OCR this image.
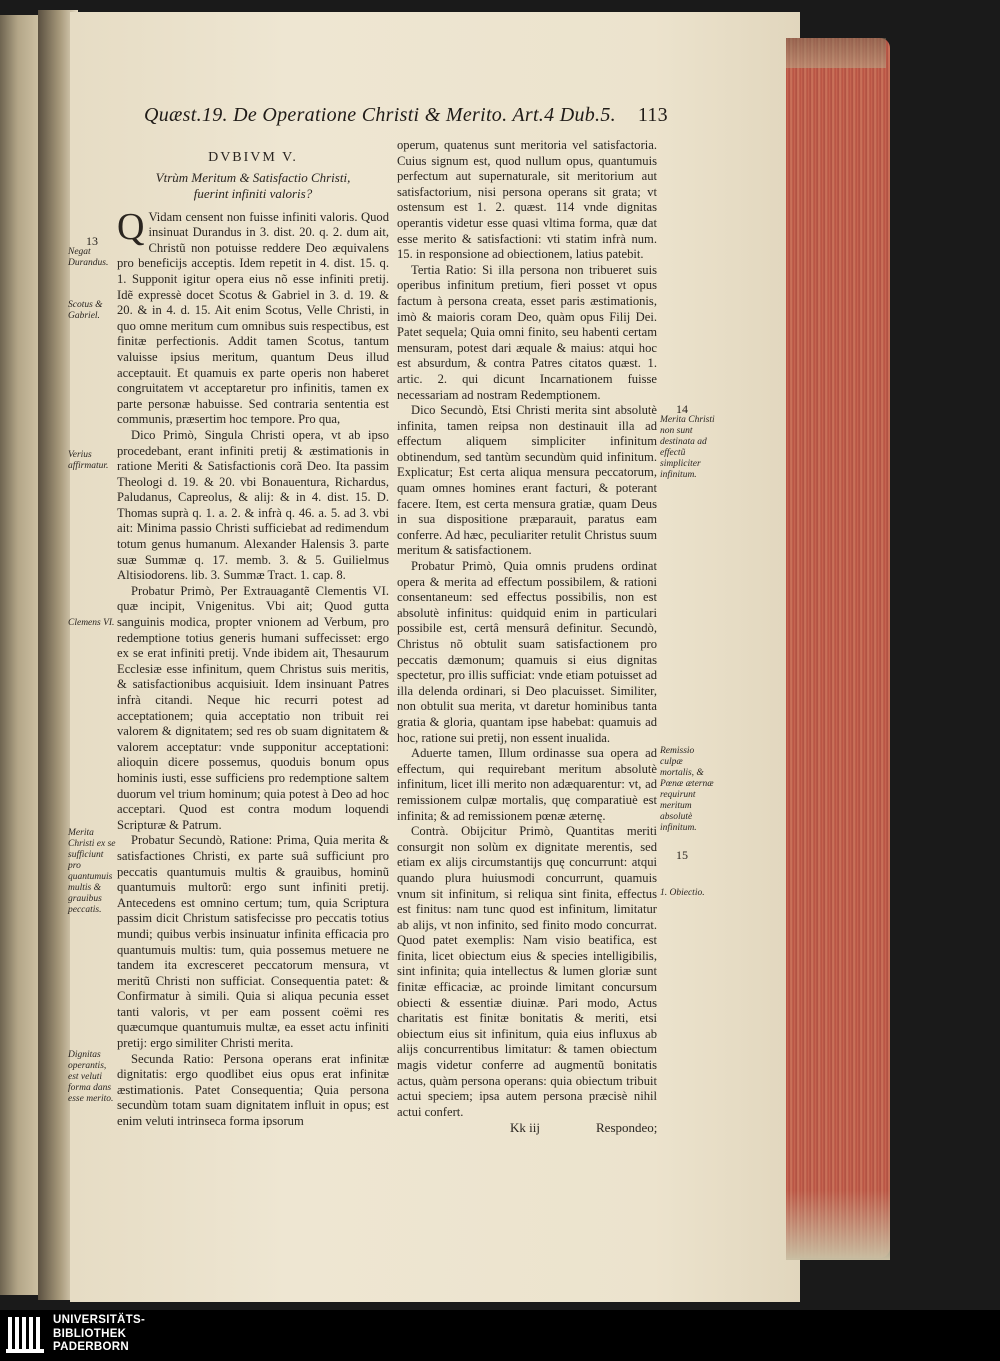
Quæst.19. De Operatione Christi & Merito. Art.4 Dub.5. 113
DVBIVM V.
Vtrùm Meritum & Satisfactio Christi,
fuerint infiniti valoris?

Q Vidam censent non fuisse infiniti valoris. Quod insinuat Durandus in 3. dist. 20. q. 2. dum ait, Christũ non potuisse reddere Deo æquivalens pro beneficijs acceptis. Idem repetit in 4. dist. 15. q. 1. Supponit igitur opera eius nõ esse infiniti pretij. Idẽ expressè docet Scotus & Gabriel in 3. d. 19. & 20. & in 4. d. 15. Ait enim Scotus, Velle Christi, in quo omne meritum cum omnibus suis respectibus, est finitæ perfectionis. Addit tamen Scotus, tantum valuisse ipsius meritum, quantum Deus illud acceptauit. Et quamuis ex parte operis non haberet congruitatem vt acceptaretur pro infinitis, tamen ex parte personæ habuisse. Sed contraria sententia est communis, præsertim hoc tempore. Pro qua,

Dico Primò, Singula Christi opera, vt ab ipso procedebant, erant infiniti pretij & æstimationis in ratione Meriti & Satisfactionis corã Deo. Ita passim Theologi d. 19. & 20. vbi Bonauentura, Richardus, Paludanus, Capreolus, & alij: & in 4. dist. 15. D. Thomas suprà q. 1. a. 2. & infrà q. 46. a. 5. ad 3. vbi ait: Minima passio Christi sufficiebat ad redimendum totum genus humanum. Alexander Halensis 3. parte suæ Summæ q. 17. memb. 3. & 5. Guilielmus Altisiodorens. lib. 3. Summæ Tract. 1. cap. 8.

Probatur Primò, Per Extrauagantẽ Clementis VI. quæ incipit, Vnigenitus. Vbi ait; Quod gutta sanguinis modica, propter vnionem ad Verbum, pro redemptione totius generis humani suffecisset: ergo ex se erat infiniti pretij. Vnde ibidem ait, Thesaurum Ecclesiæ esse infinitum, quem Christus suis meritis, & satisfactionibus acquisiuit. Idem insinuant Patres infrà citandi. Neque hic recurri potest ad acceptationem; quia acceptatio non tribuit rei valorem & dignitatem; sed res ob suam dignitatem & valorem acceptatur: vnde supponitur acceptationi: alioquin dicere possemus, quoduis bonum opus hominis iusti, esse sufficiens pro redemptione saltem duorum vel trium hominum; quia potest à Deo ad hoc acceptari. Quod est contra modum loquendi Scripturæ & Patrum.

Probatur Secundò, Ratione: Prima, Quia merita & satisfactiones Christi, ex parte suâ sufficiunt pro peccatis quantumuis multis & grauibus, hominũ quantumuis multorũ: ergo sunt infiniti pretij. Antecedens est omnino certum; tum, quia Scriptura passim dicit Christum satisfecisse pro peccatis totius mundi; quibus verbis insinuatur infinita efficacia pro quantumuis multis: tum, quia possemus metuere ne tandem ita excresceret peccatorum mensura, vt meritũ Christi non sufficiat. Consequentia patet: & Confirmatur à simili. Quia si aliqua pecunia esset tanti valoris, vt per eam possent coëmi res quæcumque quantumuis multæ, ea esset actu infiniti pretij: ergo similiter Christi merita.

Secunda Ratio: Persona operans erat infinitæ dignitatis: ergo quodlibet eius opus erat infinitæ æstimationis. Patet Consequentia; Quia persona secundùm totam suam dignitatem influit in opus; est enim veluti intrinseca forma ipsorum

operum, quatenus sunt meritoria vel satisfactoria. Cuius signum est, quod nullum opus, quantumuis perfectum aut supernaturale, sit meritorium aut satisfactorium, nisi persona operans sit grata; vt ostensum est 1. 2. quæst. 114 vnde dignitas operantis videtur esse quasi vltima forma, quæ dat esse merito & satisfactioni: vti statim infrà num. 15. in responsione ad obiectionem, latius patebit.

Tertia Ratio: Si illa persona non tribueret suis operibus infinitum pretium, fieri posset vt opus factum à persona creata, esset paris æstimationis, imò & maioris coram Deo, quàm opus Filij Dei. Patet sequela; Quia omni finito, seu habenti certam mensuram, potest dari æquale & maius: atqui hoc est absurdum, & contra Patres citatos quæst. 1. artic. 2. qui dicunt Incarnationem fuisse necessariam ad nostram Redemptionem.

Dico Secundò, Etsi Christi merita sint absolutè infinita, tamen reipsa non destinauit illa ad effectum aliquem simpliciter infinitum obtinendum, sed tantùm secundùm quid infinitum. Explicatur; Est certa aliqua mensura peccatorum, quam omnes homines erant facturi, & poterant facere. Item, est certa mensura gratiæ, quam Deus in sua dispositione præparauit, paratus eam conferre. Ad hæc, peculiariter retulit Christus suum meritum & satisfactionem.

Probatur Primò, Quia omnis prudens ordinat opera & merita ad effectum possibilem, & rationi consentaneum: sed effectus possibilis, non est absolutè infinitus: quidquid enim in particulari possibile est, certâ mensurâ definitur. Secundò, Christus nõ obtulit suam satisfactionem pro peccatis dæmonum; quamuis si eius dignitas spectetur, pro illis sufficiat: vnde etiam potuisset ad illa delenda ordinari, si Deo placuisset. Similiter, non obtulit sua merita, vt daretur hominibus tanta gratia & gloria, quantam ipse habebat: quamuis ad hoc, ratione sui pretij, non essent inualida.

Aduerte tamen, Illum ordinasse sua opera ad effectum, qui requirebant meritum absolutè infinitum, licet illi merito non adæquarentur: vt, ad remissionem culpæ mortalis, quę comparatiuè est infinita; & ad remissionem pœnæ æternę.

Contrà. Obijcitur Primò, Quantitas meriti consurgit non solùm ex dignitate merentis, sed etiam ex alijs circumstantijs quę concurrunt: atqui quando plura huiusmodi concurrunt, quamuis vnum sit infinitum, si reliqua sint finita, effectus est finitus: nam tunc quod est infinitum, limitatur ab alijs, vt non infinito, sed finito modo concurrat. Quod patet exemplis: Nam visio beatifica, est finita, licet obiectum eius & species intelligibilis, sint infinita; quia intellectus & lumen gloriæ sunt finitæ efficaciæ, ac proinde limitant concursum obiecti & essentiæ diuinæ. Pari modo, Actus charitatis est finitæ bonitatis & meriti, etsi obiectum eius sit infinitum, quia eius influxus ab alijs concurrentibus limitatur: & tamen obiectum magis videtur conferre ad augmentũ bonitatis actus, quàm persona operans: quia obiectum tribuit actui speciem; ipsa autem persona præcisè nihil actui confert.

13
Negat Durandus.
Scotus & Gabriel.
Verius affirmatur.
Clemens VI.
Merita Christi ex se sufficiunt pro quantumuis multis & grauibus peccatis.
Dignitas operantis, est veluti forma dans esse merito.
14
Merita Christi non sunt destinata ad effectũ simpliciter infinitum.
Remissio culpæ mortalis, & Pœnæ æternæ requirunt meritum absolutè infinitum.
15
1. Obiectio.
Kk iij	Respondeo;
UNIVERSITÄTS-
BIBLIOTHEK
PADERBORN
